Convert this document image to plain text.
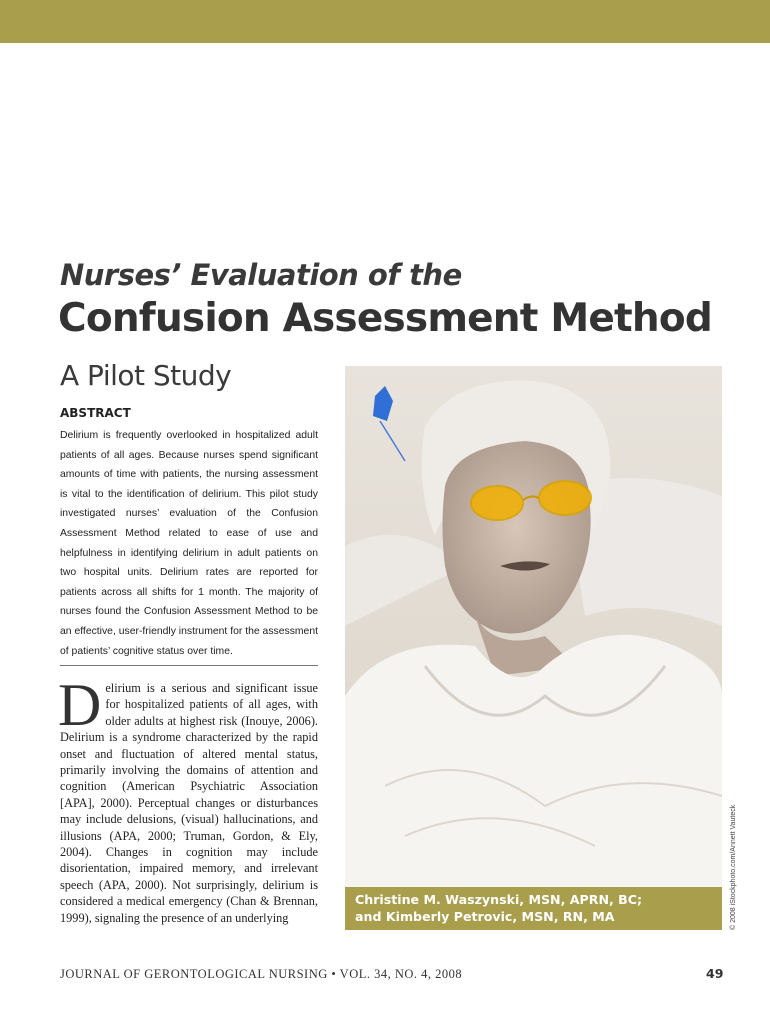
Nurses’ Evaluation of the
Confusion Assessment Method
A Pilot Study
ABSTRACT

Delirium is frequently overlooked in hospitalized adult patients of all ages. Because nurses spend significant amounts of time with patients, the nursing assessment is vital to the identification of delirium. This pilot study investigated nurses’ evaluation of the Confusion Assessment Method related to ease of use and helpfulness in identifying delirium in adult patients on two hospital units. Delirium rates are reported for patients across all shifts for 1 month. The majority of nurses found the Confusion Assessment Method to be an effective, user-friendly instrument for the assessment of patients’ cognitive status over time.

Delirium is a serious and significant issue for hospitalized patients of all ages, with older adults at highest risk (Inouye, 2006). Delirium is a syndrome characterized by the rapid onset and fluctuation of altered mental status, primarily involving the domains of attention and cognition (American Psychiatric Association [APA], 2000). Perceptual changes or disturbances may include delusions, (visual) hallucinations, and illusions (APA, 2000; Truman, Gordon, & Ely, 2004). Changes in cognition may include disorientation, impaired memory, and irrelevant speech (APA, 2000). Not surprisingly, delirium is considered a medical emergency (Chan & Brennan, 1999), signaling the presence of an underlying

Christine M. Waszynski, MSN, APRN, BC;
and Kimberly Petrovic, MSN, RN, MA	© 2008 iStockphoto.com/Annett Vauteck
JOURNAL OF GERONTOLOGICAL NURSING • VOL. 34, NO. 4, 2008	49
